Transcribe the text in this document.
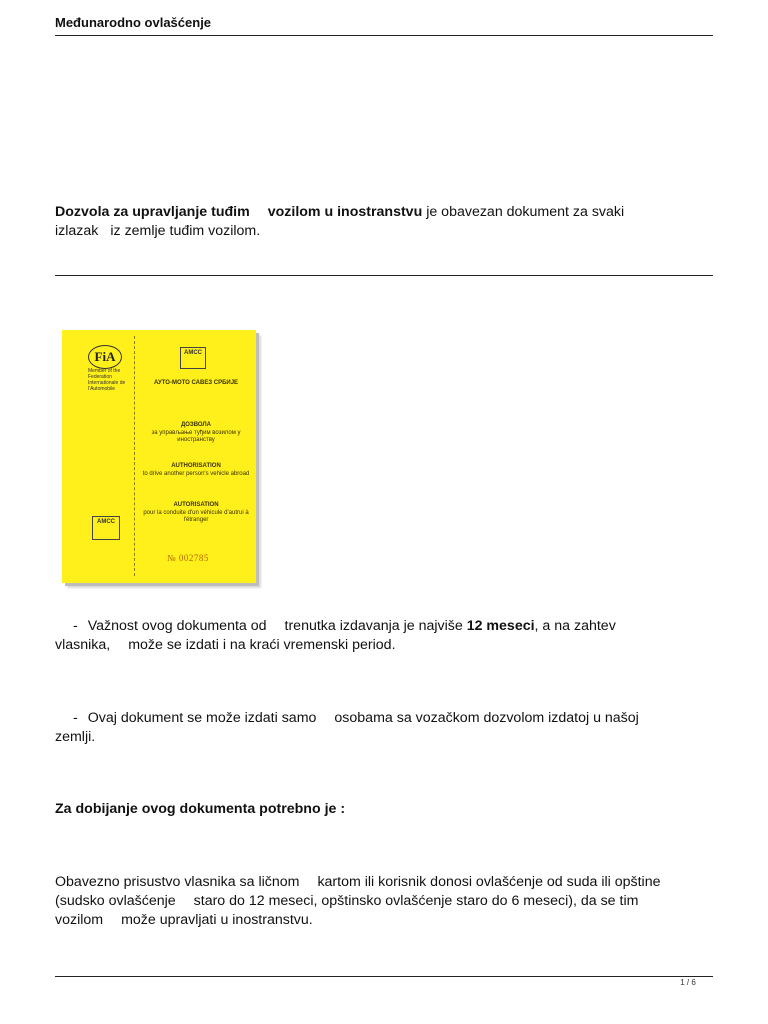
Međunarodno ovlašćenje
Dozvola za upravljanje tuđim vozilom u inostranstvu je obavezan dokument za svaki
izlazak iz zemlje tuđim vozilom.
FiA
Member of the Federation Internationale de l'Automobile
AMCC
AMCC
АУТО-МОТО САВЕЗ СРБИЈЕ
ДОЗВОЛА
за управљање туђим возилом у иностранству
AUTHORISATION
to drive another person's vehicle abroad
AUTORISATION
pour la conduite d'un véhicule d'autrui à l'étranger
№ 002785
- Važnost ovog dokumenta od trenutka izdavanja je najviše 12 meseci, a na zahtev
vlasnika, može se izdati i na kraći vremenski period.
- Ovaj dokument se može izdati samo osobama sa vozačkom dozvolom izdatoj u našoj
zemlji.
Za dobijanje ovog dokumenta potrebno je :
Obavezno prisustvo vlasnika sa ličnom kartom ili korisnik donosi ovlašćenje od suda ili opštine
(sudsko ovlašćenje staro do 12 meseci, opštinsko ovlašćenje staro do 6 meseci), da se tim
vozilom može upravljati u inostranstvu.
1 / 6
